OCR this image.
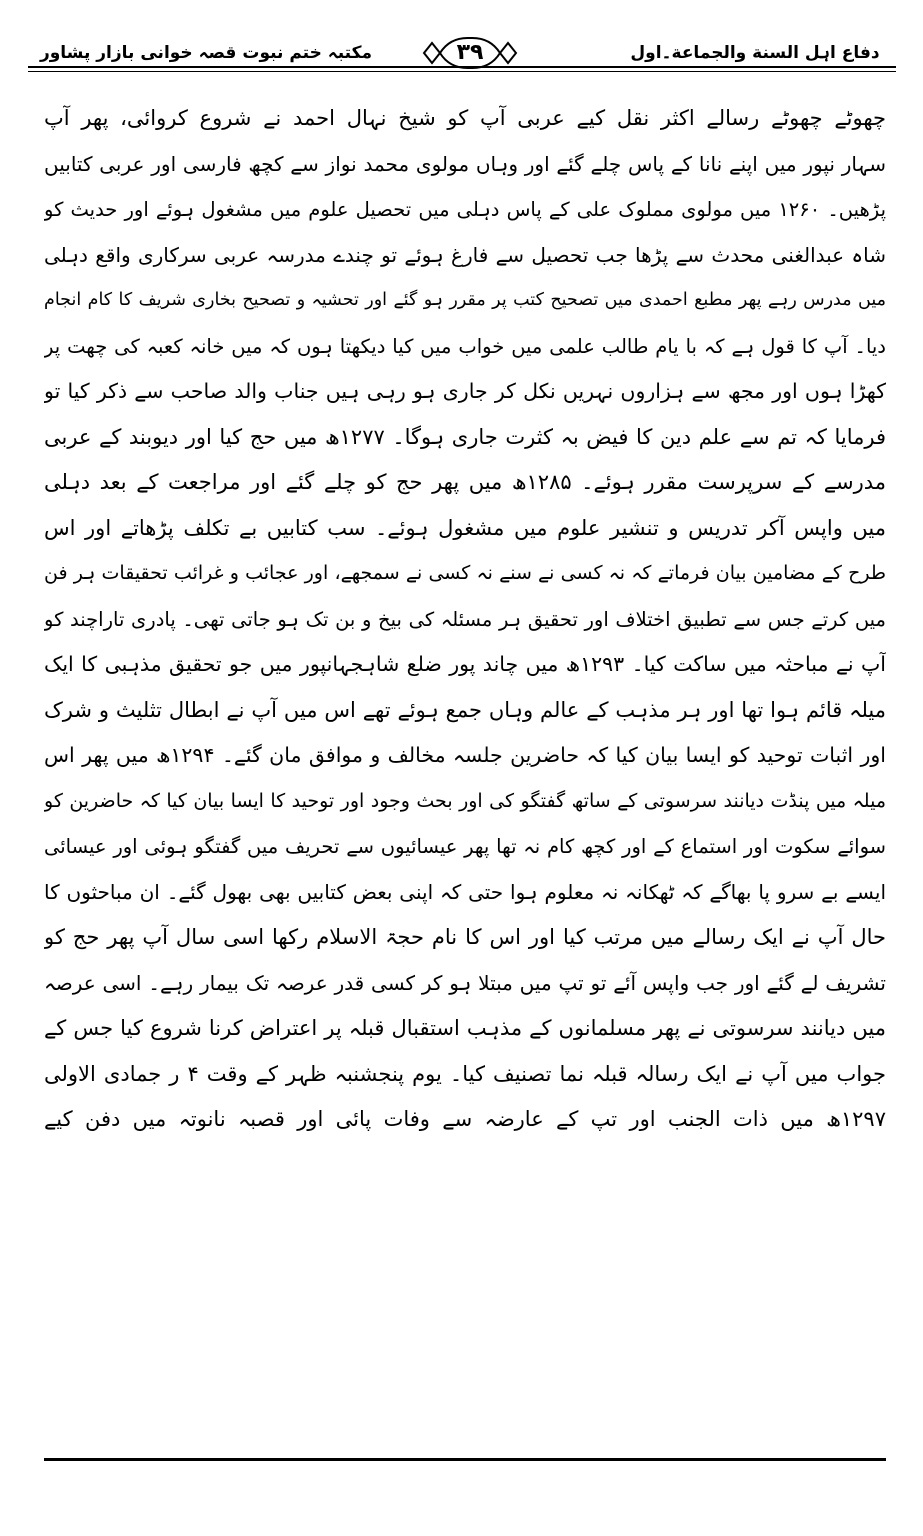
مکتبہ ختم نبوت قصہ خوانی بازار پشاور	۳۹	دفاع اہل السنة والجماعة۔اول
چھوٹے چھوٹے رسالے اکثر نقل کیے عربی آپ کو شیخ نہال احمد نے شروع کروائی، پھر آپ
سہار نپور میں اپنے نانا کے پاس چلے گئے اور وہاں مولوی محمد نواز سے کچھ فارسی اور عربی کتابیں
پڑھیں۔ ۱۲۶۰ میں مولوی مملوک علی کے پاس دہلی میں تحصیل علوم میں مشغول ہوئے اور حدیث کو
شاہ عبدالغنی محدث سے پڑھا جب تحصیل سے فارغ ہوئے تو چندے مدرسہ عربی سرکاری واقع دہلی
میں مدرس رہے پھر مطبع احمدی میں تصحیح کتب پر مقرر ہو گئے اور تحشیہ و تصحیح بخاری شریف کا کام انجام
دیا۔ آپ کا قول ہے کہ با یام طالب علمی میں خواب میں کیا دیکھتا ہوں کہ میں خانہ کعبہ کی چھت پر
کھڑا ہوں اور مجھ سے ہزاروں نہریں نکل کر جاری ہو رہی ہیں جناب والد صاحب سے ذکر کیا تو
فرمایا کہ تم سے علم دین کا فیض بہ کثرت جاری ہوگا۔ ۱۲۷۷ھ میں حج کیا اور دیوبند کے عربی
مدرسے کے سرپرست مقرر ہوئے۔ ۱۲۸۵ھ میں پھر حج کو چلے گئے اور مراجعت کے بعد دہلی
میں واپس آکر تدریس و تنشیر علوم میں مشغول ہوئے۔ سب کتابیں بے تکلف پڑھاتے اور اس
طرح کے مضامین بیان فرماتے کہ نہ کسی نے سنے نہ کسی نے سمجھے، اور عجائب و غرائب تحقیقات ہر فن
میں کرتے جس سے تطبیق اختلاف اور تحقیق ہر مسئلہ کی بیخ و بن تک ہو جاتی تھی۔ پادری تاراچند کو
آپ نے مباحثہ میں ساکت کیا۔ ۱۲۹۳ھ میں چاند پور ضلع شاہجہانپور میں جو تحقیق مذہبی کا ایک
میلہ قائم ہوا تھا اور ہر مذہب کے عالم وہاں جمع ہوئے تھے اس میں آپ نے ابطال تثلیث و شرک
اور اثبات توحید کو ایسا بیان کیا کہ حاضرین جلسہ مخالف و موافق مان گئے۔ ۱۲۹۴ھ میں پھر اس
میلہ میں پنڈت دیانند سرسوتی کے ساتھ گفتگو کی اور بحث وجود اور توحید کا ایسا بیان کیا کہ حاضرین کو
سوائے سکوت اور استماع کے اور کچھ کام نہ تھا پھر عیسائیوں سے تحریف میں گفتگو ہوئی اور عیسائی
ایسے بے سرو پا بھاگے کہ ٹھکانہ نہ معلوم ہوا حتی کہ اپنی بعض کتابیں بھی بھول گئے۔ ان مباحثوں کا
حال آپ نے ایک رسالے میں مرتب کیا اور اس کا نام حجۃ الاسلام رکھا اسی سال آپ پھر حج کو
تشریف لے گئے اور جب واپس آئے تو تپ میں مبتلا ہو کر کسی قدر عرصہ تک بیمار رہے۔ اسی عرصہ
میں دیانند سرسوتی نے پھر مسلمانوں کے مذہب استقبال قبلہ پر اعتراض کرنا شروع کیا جس کے
جواب میں آپ نے ایک رسالہ قبلہ نما تصنیف کیا۔ یوم پنجشنبہ ظہر کے وقت ۴ ر جمادی الاولی
۱۲۹۷ھ میں ذات الجنب اور تپ کے عارضہ سے وفات پائی اور قصبہ نانوتہ میں دفن کیے
